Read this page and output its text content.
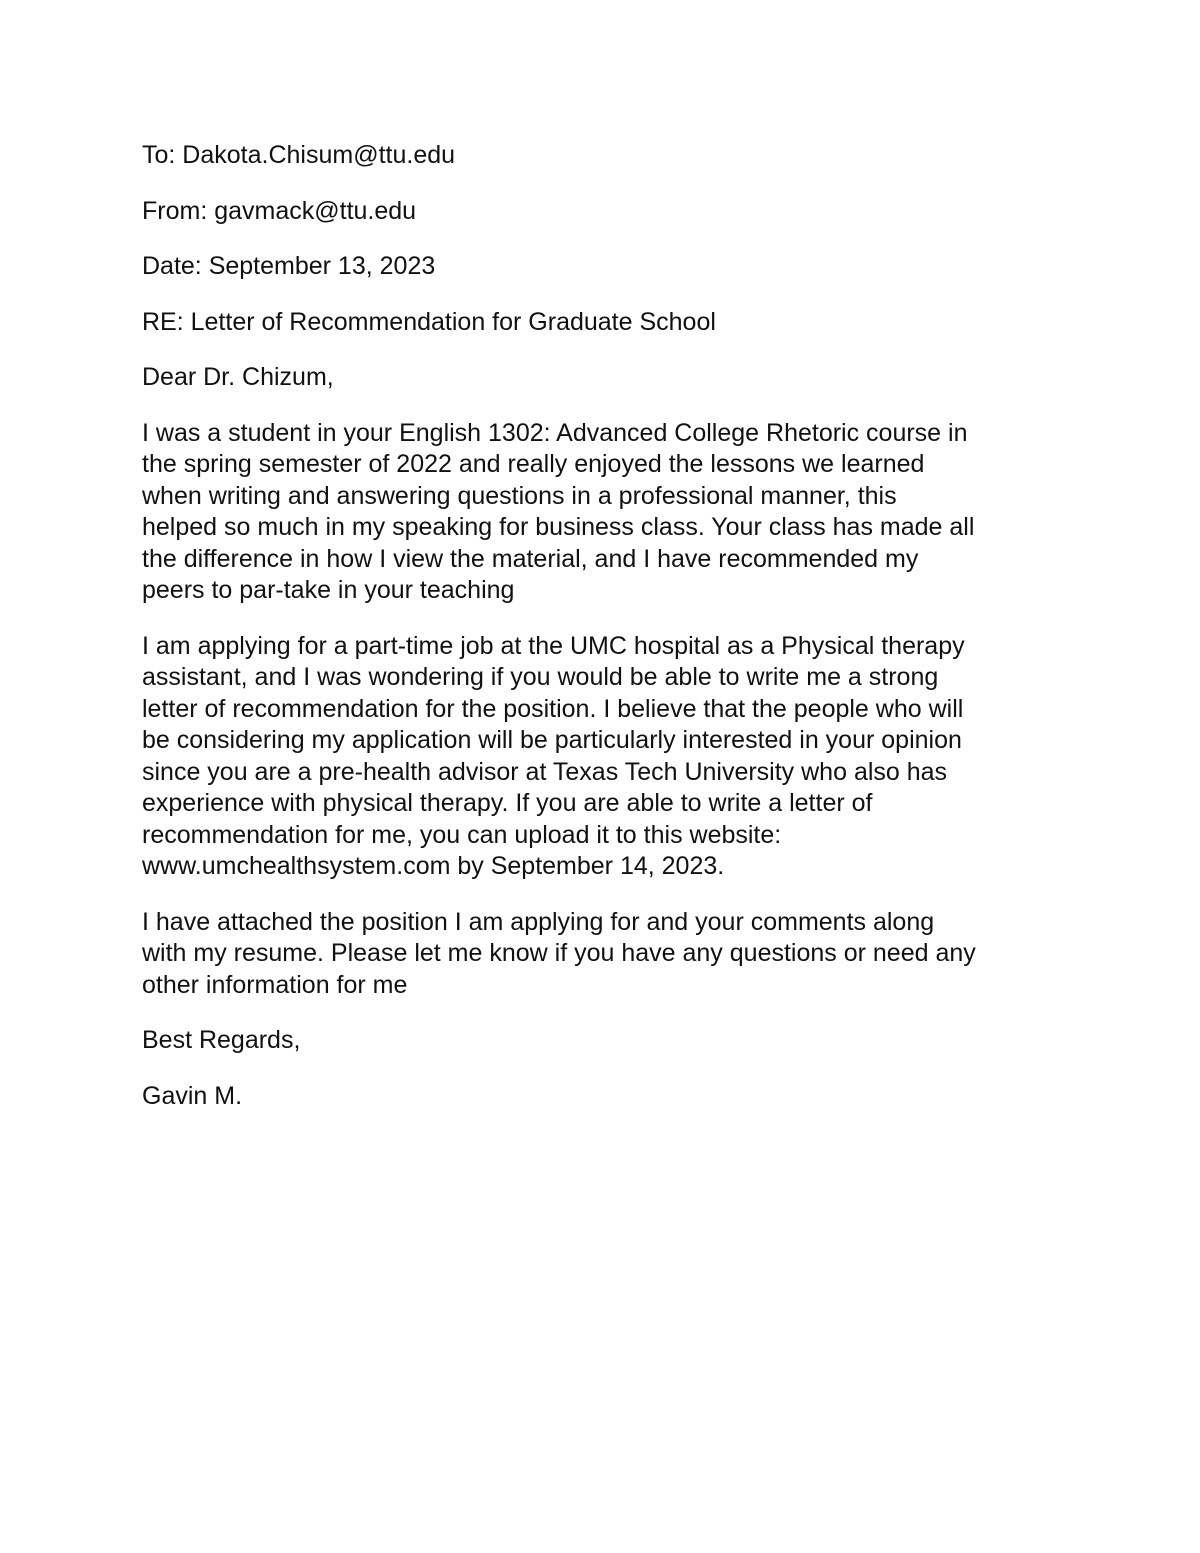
To: Dakota.Chisum@ttu.edu

From: gavmack@ttu.edu

Date: September 13, 2023

RE: Letter of Recommendation for Graduate School

Dear Dr. Chizum,

I was a student in your English 1302: Advanced College Rhetoric course in
the spring semester of 2022 and really enjoyed the lessons we learned
when writing and answering questions in a professional manner, this
helped so much in my speaking for business class. Your class has made all
the difference in how I view the material, and I have recommended my
peers to par-take in your teaching

I am applying for a part-time job at the UMC hospital as a Physical therapy
assistant, and I was wondering if you would be able to write me a strong
letter of recommendation for the position. I believe that the people who will
be considering my application will be particularly interested in your opinion
since you are a pre-health advisor at Texas Tech University who also has
experience with physical therapy. If you are able to write a letter of
recommendation for me, you can upload it to this website:
www.umchealthsystem.com by September 14, 2023.

I have attached the position I am applying for and your comments along
with my resume. Please let me know if you have any questions or need any
other information for me

Best Regards,

Gavin M.
